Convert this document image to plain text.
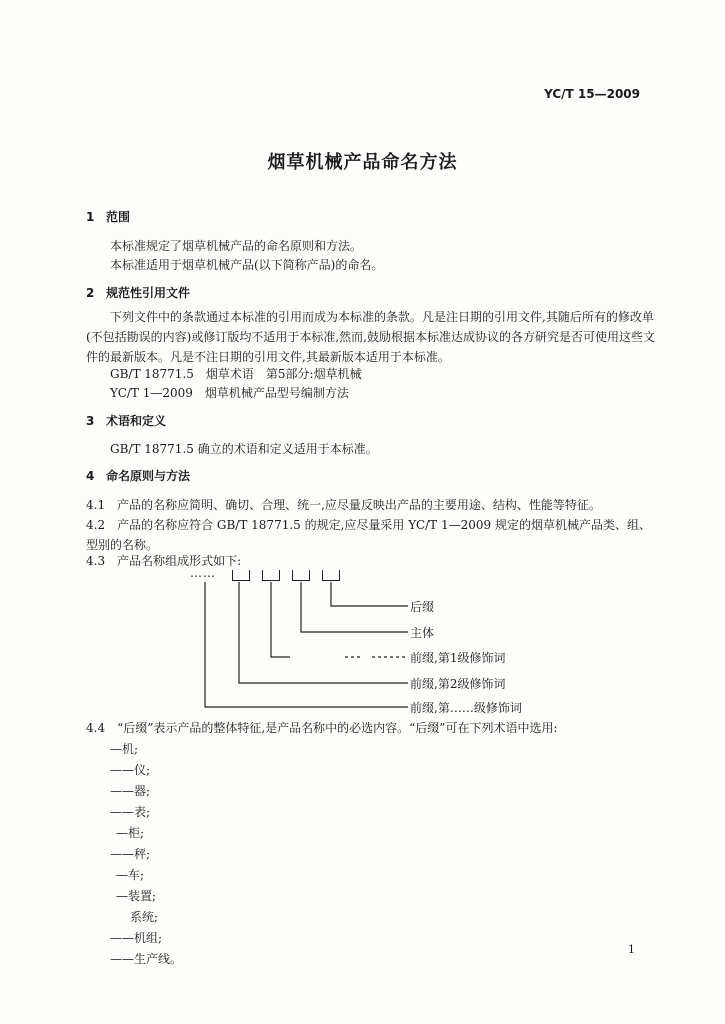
YC/T 15—2009
烟草机械产品命名方法
1 范围
本标准规定了烟草机械产品的命名原则和方法。
本标准适用于烟草机械产品(以下简称产品)的命名。
2 规范性引用文件
下列文件中的条款通过本标准的引用而成为本标准的条款。凡是注日期的引用文件,其随后所有的修改单(不包括勘误的内容)或修订版均不适用于本标准,然而,鼓励根据本标准达成协议的各方研究是否可使用这些文件的最新版本。凡是不注日期的引用文件,其最新版本适用于本标准。
GB/T 18771.5　烟草术语　第5部分:烟草机械
YC/T 1—2009　烟草机械产品型号编制方法
3 术语和定义
GB/T 18771.5 确立的术语和定义适用于本标准。
4 命名原则与方法
4.1　产品的名称应简明、确切、合理、统一,应尽量反映出产品的主要用途、结构、性能等特征。
4.2　产品的名称应符合 GB/T 18771.5 的规定,应尽量采用 YC/T 1—2009 规定的烟草机械产品类、组、型别的名称。
4.3　产品名称组成形式如下:
……
后缀
主体
前缀,第1级修饰词
前缀,第2级修饰词
前缀,第……级修饰词
4.4　“后缀”表示产品的整体特征,是产品名称中的必选内容。“后缀”可在下列术语中选用:
—机;
——仪;
——器;
——表;
—柜;
——秤;
—车;
—装置;
系统;
——机组;
——生产线。
1
